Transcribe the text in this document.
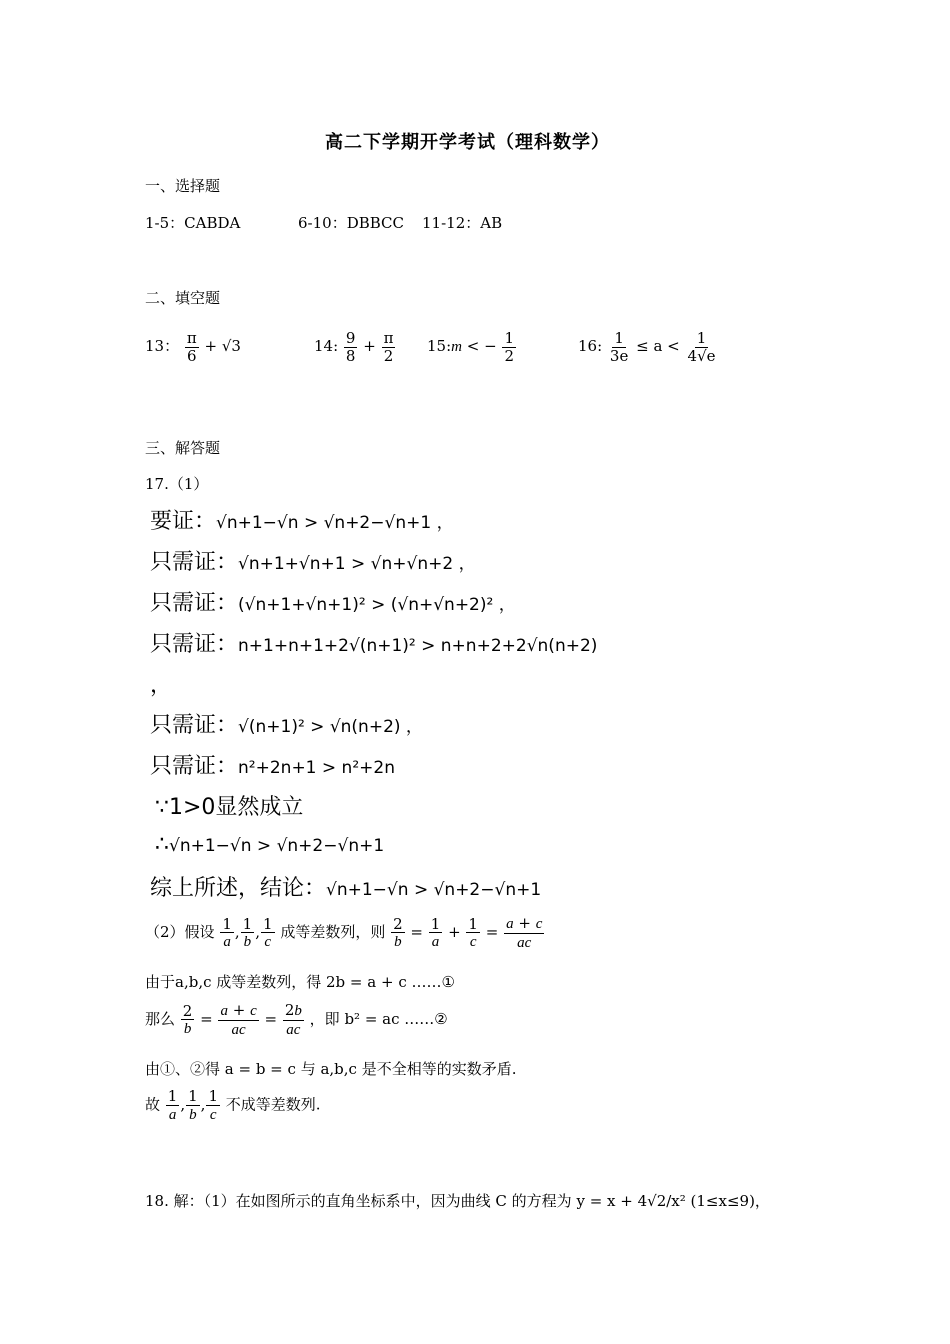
高二下学期开学考试（理科数学）
一、选择题
1-5：CABDA	6-10：DBBCC 11-12：AB
二、填空题
13： $\frac{\pi}{6} + √3$	14: $\frac{9}{8} + \frac{\pi}{2}$ 15:m < − $\frac{1}{2}$	16: $\frac{1}{3e} \le a < \frac{1}{4√e}$
三、解答题
17.（1）
要证：√n+1−√n > √n+2−√n+1 ，
只需证：√n+1+√n+1 > √n+√n+2 ，
只需证：(√n+1+√n+1)² > (√n+√n+2)² ，
只需证：n+1+n+1+2√(n+1)² > n+n+2+2√n(n+2)
，
只需证：√(n+1)² > √n(n+2) ，
只需证：n²+2n+1 > n²+2n
∵1>0显然成立
∴√n+1−√n > √n+2−√n+1
综上所述，结论：√n+1−√n > √n+2−√n+1
（2）假设 $\frac{1}{a}$ , $\frac{1}{b}$ , $\frac{1}{c}$ 成等差数列，则 $\frac{2}{b} = \frac{1}{a} + \frac{1}{c} = \frac{a + c}{ac}$
由于a,b,c 成等差数列，得 2b = a + c ……①
那么 $\frac{2}{b} = \frac{a + c}{ac} = \frac{2b}{ac}$ ，即 b² = ac ……②
由①、②得 a = b = c 与 a,b,c 是不全相等的实数矛盾.
故 $\frac{1}{a}$ , $\frac{1}{b}$ , $\frac{1}{c}$ 不成等差数列.
18. 解：（1）在如图所示的直角坐标系中，因为曲线 C 的方程为 y = x + 4√2/x² (1≤x≤9)，
